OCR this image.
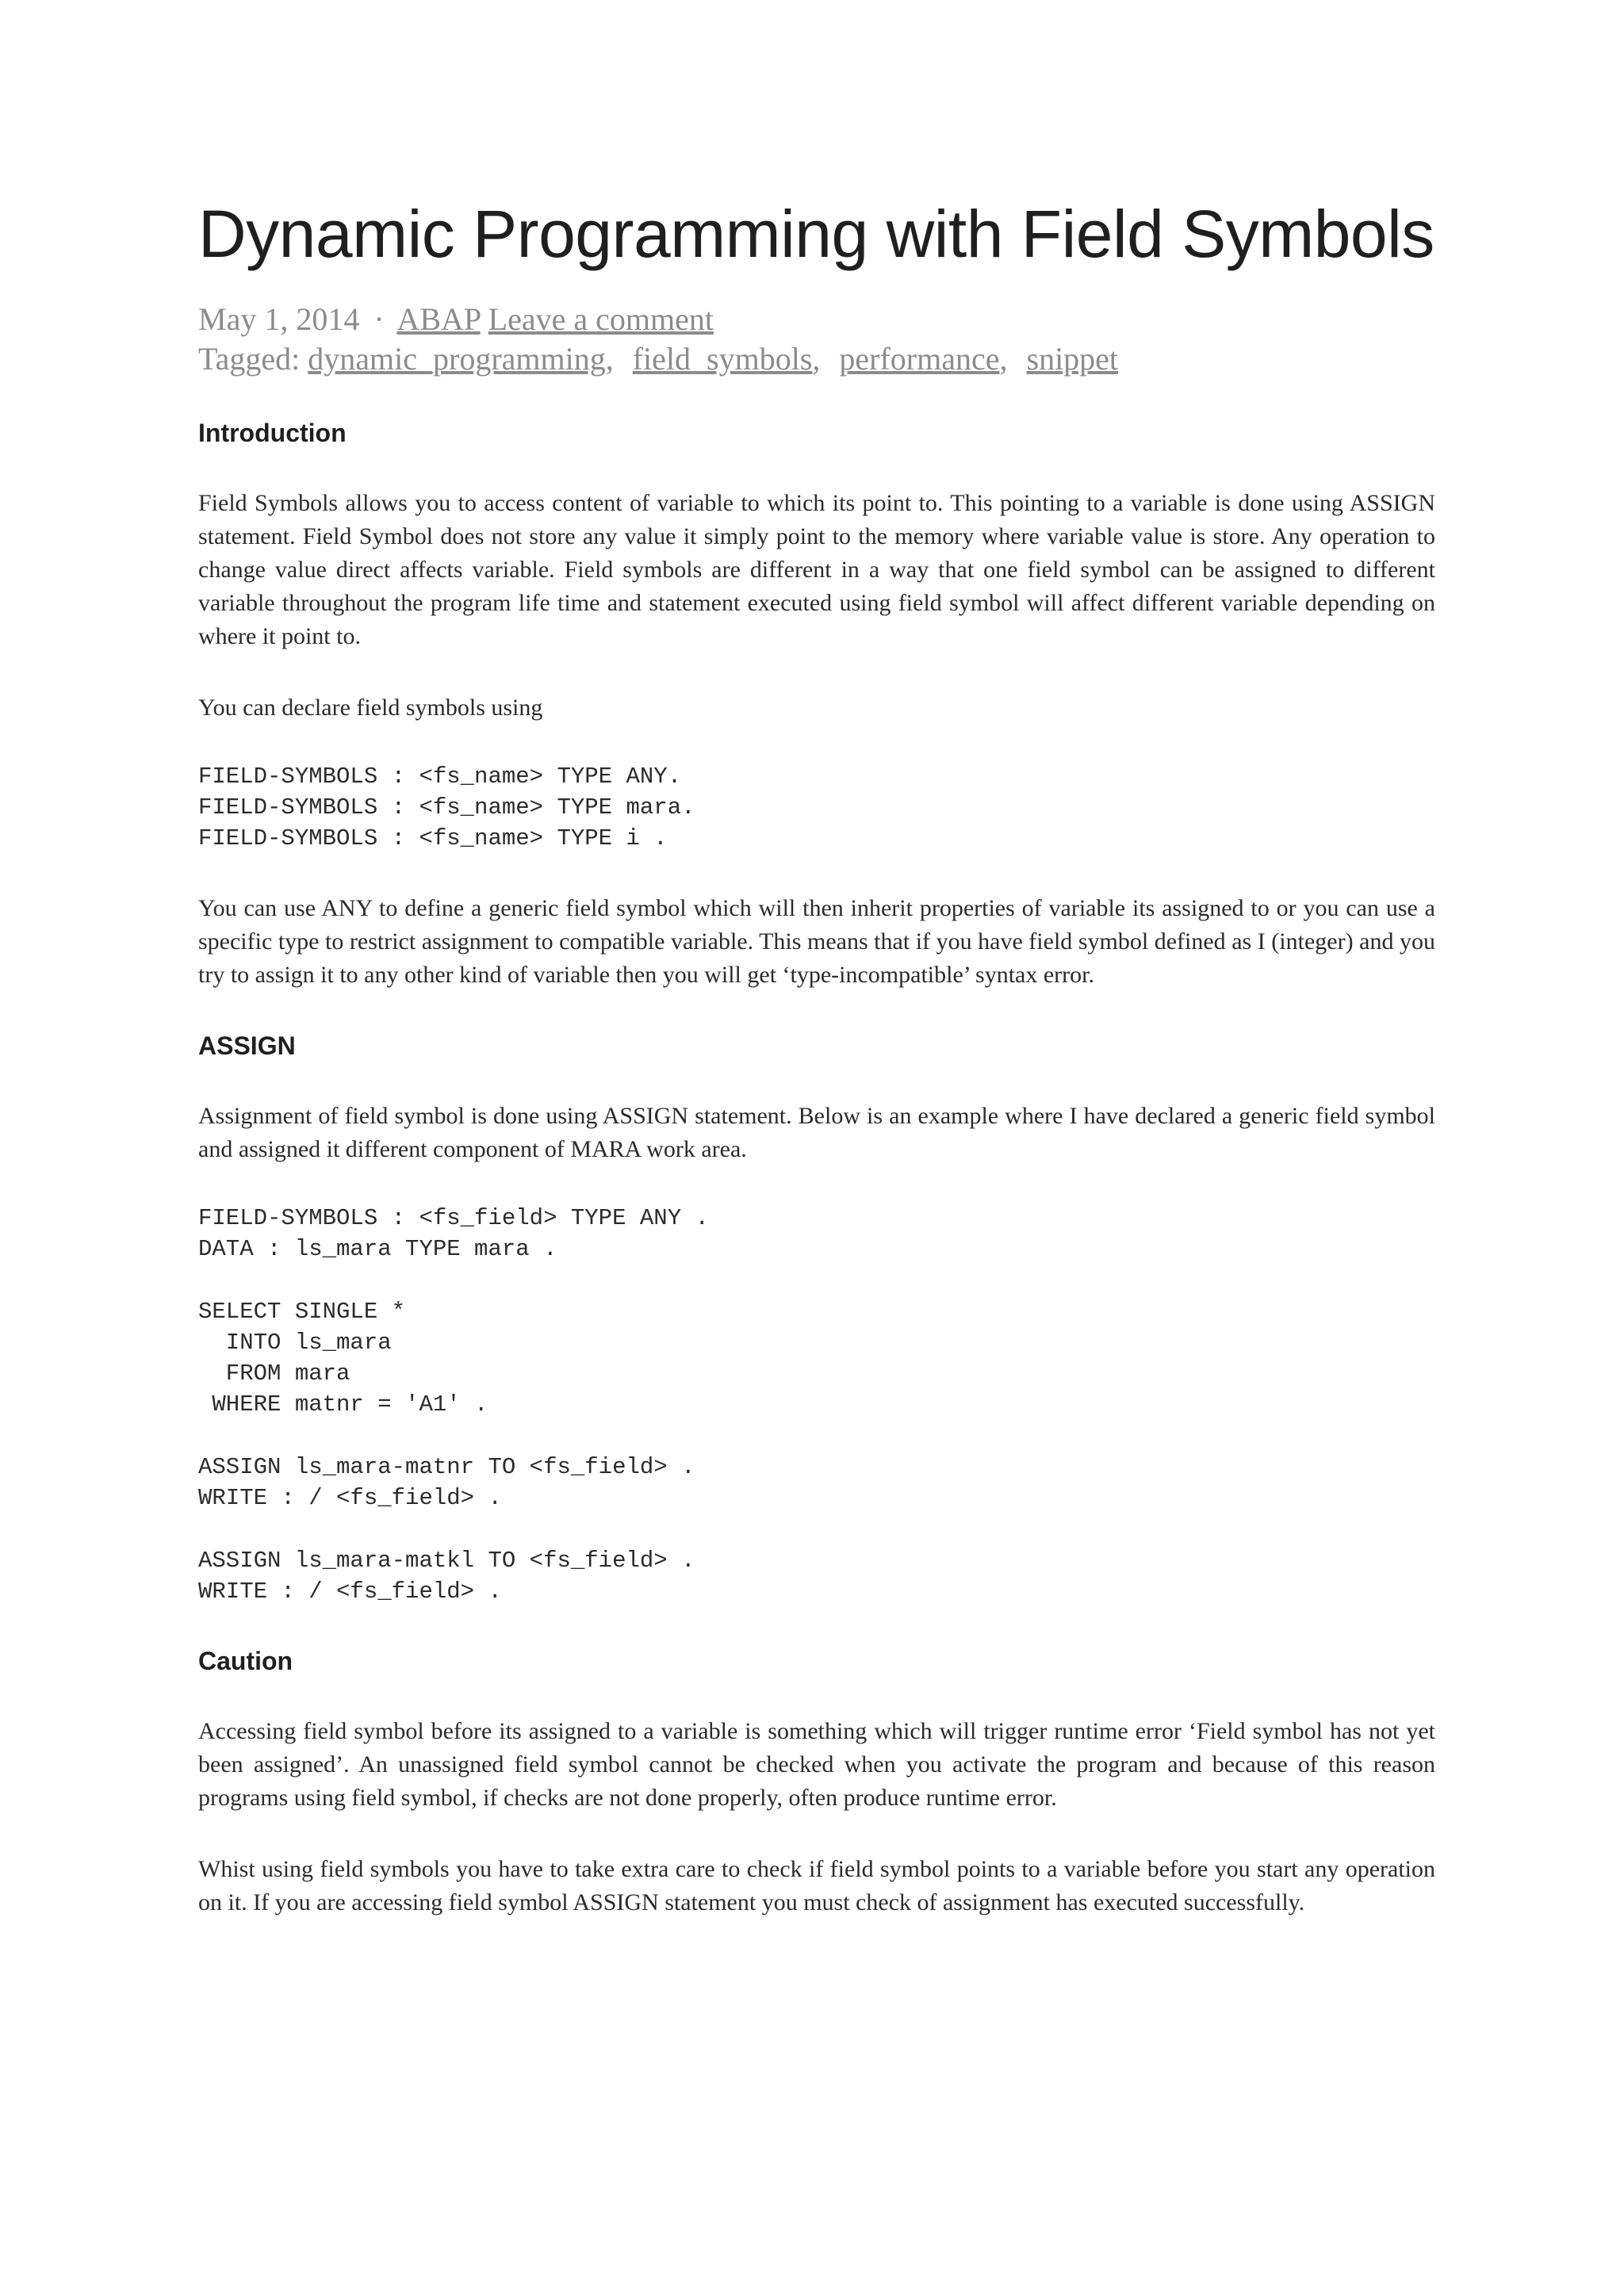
Dynamic Programming with Field Symbols
May 1, 2014 · ABAP Leave a comment
Tagged: dynamic_programming, field_symbols, performance, snippet
Introduction

Field Symbols allows you to access content of variable to which its point to. This pointing to a variable is done using ASSIGN statement. Field Symbol does not store any value it simply point to the memory where variable value is store. Any operation to change value direct affects variable. Field symbols are different in a way that one field symbol can be assigned to different variable throughout the program life time and statement executed using field symbol will affect different variable depending on where it point to.

You can declare field symbols using

FIELD-SYMBOLS : <fs_name> TYPE ANY.
FIELD-SYMBOLS : <fs_name> TYPE mara.
FIELD-SYMBOLS : <fs_name> TYPE i .

You can use ANY to define a generic field symbol which will then inherit properties of variable its assigned to or you can use a specific type to restrict assignment to compatible variable. This means that if you have field symbol defined as I (integer) and you try to assign it to any other kind of variable then you will get ‘type-incompatible’ syntax error.

ASSIGN

Assignment of field symbol is done using ASSIGN statement. Below is an example where I have declared a generic field symbol and assigned it different component of MARA work area.

FIELD-SYMBOLS : <fs_field> TYPE ANY .
DATA : ls_mara TYPE mara .
SELECT SINGLE *
INTO ls_mara
FROM mara
WHERE matnr = 'A1' .
ASSIGN ls_mara-matnr TO <fs_field> .
WRITE : / <fs_field> .
ASSIGN ls_mara-matkl TO <fs_field> .
WRITE : / <fs_field> .
Caution

Accessing field symbol before its assigned to a variable is something which will trigger runtime error ‘Field symbol has not yet been assigned’. An unassigned field symbol cannot be checked when you activate the program and because of this reason programs using field symbol, if checks are not done properly, often produce runtime error.

Whist using field symbols you have to take extra care to check if field symbol points to a variable before you start any operation on it. If you are accessing field symbol ASSIGN statement you must check of assignment has executed successfully.
